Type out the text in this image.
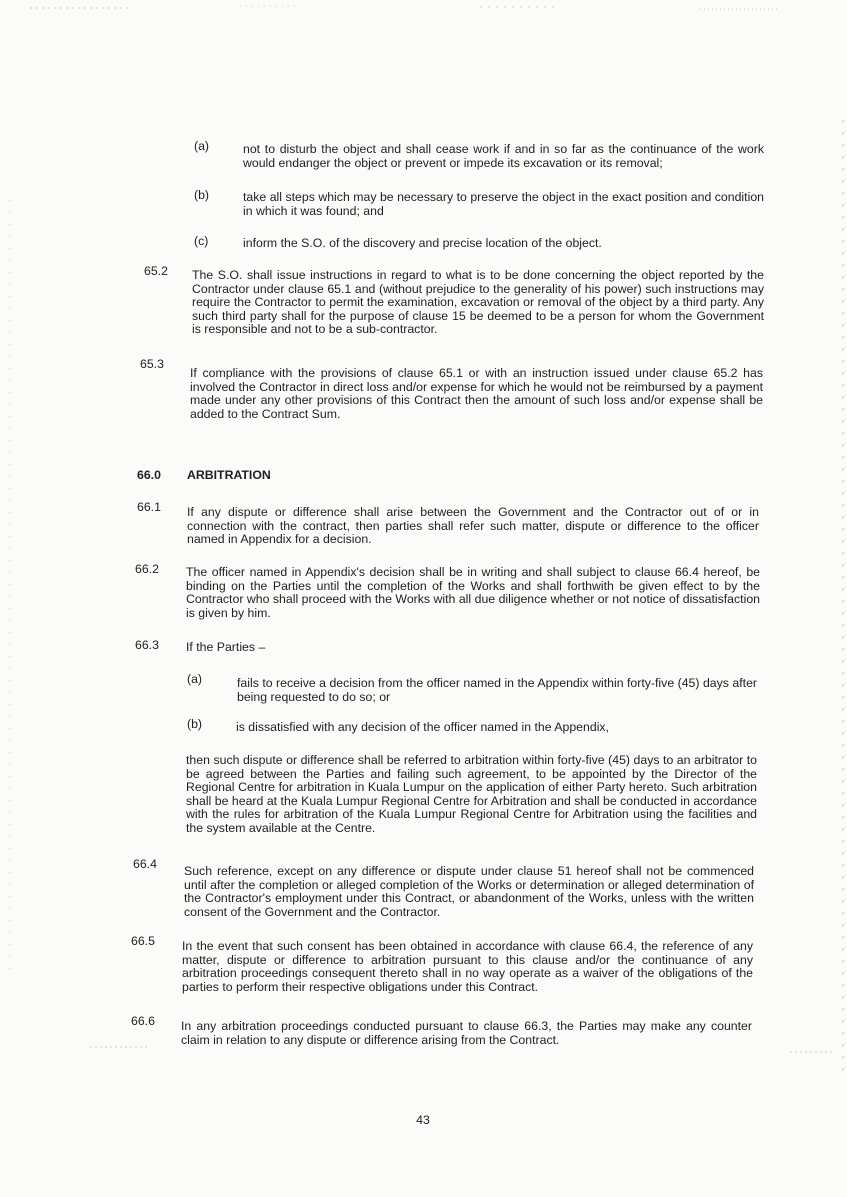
(a)	not to disturb the object and shall cease work if and in so far as the continuance of the work would endanger the object or prevent or impede its excavation or its removal;
(b)	take all steps which may be necessary to preserve the object in the exact position and condition in which it was found; and
(c)	inform the S.O. of the discovery and precise location of the object.
65.2 The S.O. shall issue instructions in regard to what is to be done concerning the object reported by the Contractor under clause 65.1 and (without prejudice to the generality of his power) such instructions may require the Contractor to permit the examination, excavation or removal of the object by a third party. Any such third party shall for the purpose of clause 15 be deemed to be a person for whom the Government is responsible and not to be a sub-contractor.
65.3
If compliance with the provisions of clause 65.1 or with an instruction issued under clause 65.2 has involved the Contractor in direct loss and/or expense for which he would not be reimbursed by a payment made under any other provisions of this Contract then the amount of such loss and/or expense shall be added to the Contract Sum.
66.0 ARBITRATION
66.1 If any dispute or difference shall arise between the Government and the Contractor out of or in connection with the contract, then parties shall refer such matter, dispute or difference to the officer named in Appendix for a decision.
66.2 The officer named in Appendix's decision shall be in writing and shall subject to clause 66.4 hereof, be binding on the Parties until the completion of the Works and shall forthwith be given effect to by the Contractor who shall proceed with the Works with all due diligence whether or not notice of dissatisfaction is given by him.
66.3 If the Parties –
(a)	fails to receive a decision from the officer named in the Appendix within forty-five (45) days after being requested to do so; or
(b)	is dissatisfied with any decision of the officer named in the Appendix,
then such dispute or difference shall be referred to arbitration within forty-five (45) days to an arbitrator to be agreed between the Parties and failing such agreement, to be appointed by the Director of the Regional Centre for arbitration in Kuala Lumpur on the application of either Party hereto. Such arbitration shall be heard at the Kuala Lumpur Regional Centre for Arbitration and shall be conducted in accordance with the rules for arbitration of the Kuala Lumpur Regional Centre for Arbitration using the facilities and the system available at the Centre.
66.4 Such reference, except on any difference or dispute under clause 51 hereof shall not be commenced until after the completion or alleged completion of the Works or determination or alleged determination of the Contractor's employment under this Contract, or abandonment of the Works, unless with the written consent of the Government and the Contractor.
66.5 In the event that such consent has been obtained in accordance with clause 66.4, the reference of any matter, dispute or difference to arbitration pursuant to this clause and/or the continuance of any arbitration proceedings consequent thereto shall in no way operate as a waiver of the obligations of the parties to perform their respective obligations under this Contract.
66.6 In any arbitration proceedings conducted pursuant to clause 66.3, the Parties may make any counter claim in relation to any dispute or difference arising from the Contract.
43
